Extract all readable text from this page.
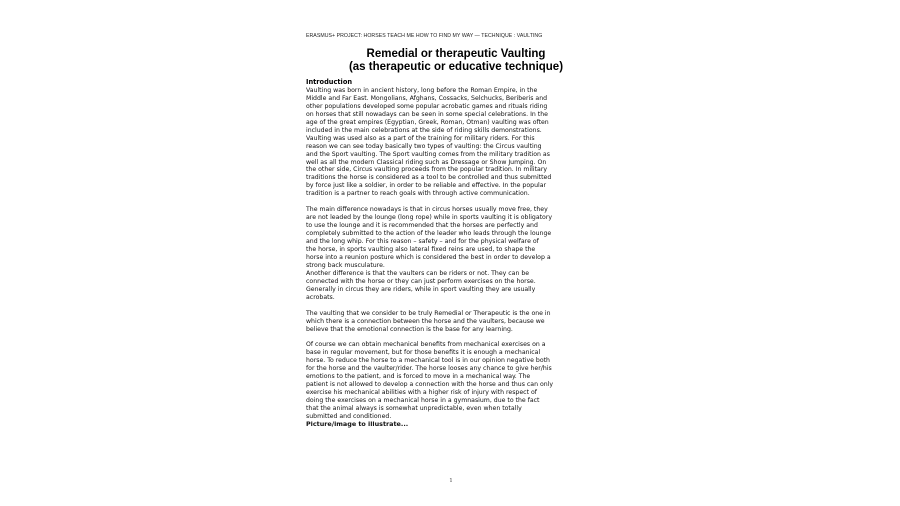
ERASMUS+ PROJECT: HORSES TEACH ME HOW TO FIND MY WAY — TECHNIQUE : VAULTING
Remedial or therapeutic Vaulting
(as therapeutic or educative technique)
Introduction

Vaulting was born in ancient history, long before the Roman Empire, in the
Middle and Far East. Mongolians, Afghans, Cossacks, Selchucks, Beriberis and
other populations developed some popular acrobatic games and rituals riding
on horses that still nowadays can be seen in some special celebrations. In the
age of the great empires (Egyptian, Greek, Roman, Otman) vaulting was often
included in the main celebrations at the side of riding skills demonstrations.
Vaulting was used also as a part of the training for military riders. For this
reason we can see today basically two types of vaulting: the Circus vaulting
and the Sport vaulting. The Sport vaulting comes from the military tradition as
well as all the modern Classical riding such as Dressage or Show Jumping. On
the other side, Circus vaulting proceeds from the popular tradition. In military
traditions the horse is considered as a tool to be controlled and thus submitted
by force just like a soldier, in order to be reliable and effective. In the popular
tradition is a partner to reach goals with through active communication.

The main difference nowadays is that in circus horses usually move free, they
are not leaded by the lounge (long rope) while in sports vaulting it is obligatory
to use the lounge and it is recommended that the horses are perfectly and
completely submitted to the action of the leader who leads through the lounge
and the long whip. For this reason – safety – and for the physical welfare of
the horse, in sports vaulting also lateral fixed reins are used, to shape the
horse into a reunion posture which is considered the best in order to develop a
strong back musculature.

Another difference is that the vaulters can be riders or not. They can be
connected with the horse or they can just perform exercises on the horse.
Generally in circus they are riders, while in sport vaulting they are usually
acrobats.

The vaulting that we consider to be truly Remedial or Therapeutic is the one in
which there is a connection between the horse and the vaulters, because we
believe that the emotional connection is the base for any learning.

Of course we can obtain mechanical benefits from mechanical exercises on a
base in regular movement, but for those benefits it is enough a mechanical
horse. To reduce the horse to a mechanical tool is in our opinion negative both
for the horse and the vaulter/rider. The horse looses any chance to give her/his
emotions to the patient, and is forced to move in a mechanical way. The
patient is not allowed to develop a connection with the horse and thus can only
exercise his mechanical abilities with a higher risk of injury with respect of
doing the exercises on a mechanical horse in a gymnasium, due to the fact
that the animal always is somewhat unpredictable, even when totally
submitted and conditioned.

Picture/image to illustrate...
1
